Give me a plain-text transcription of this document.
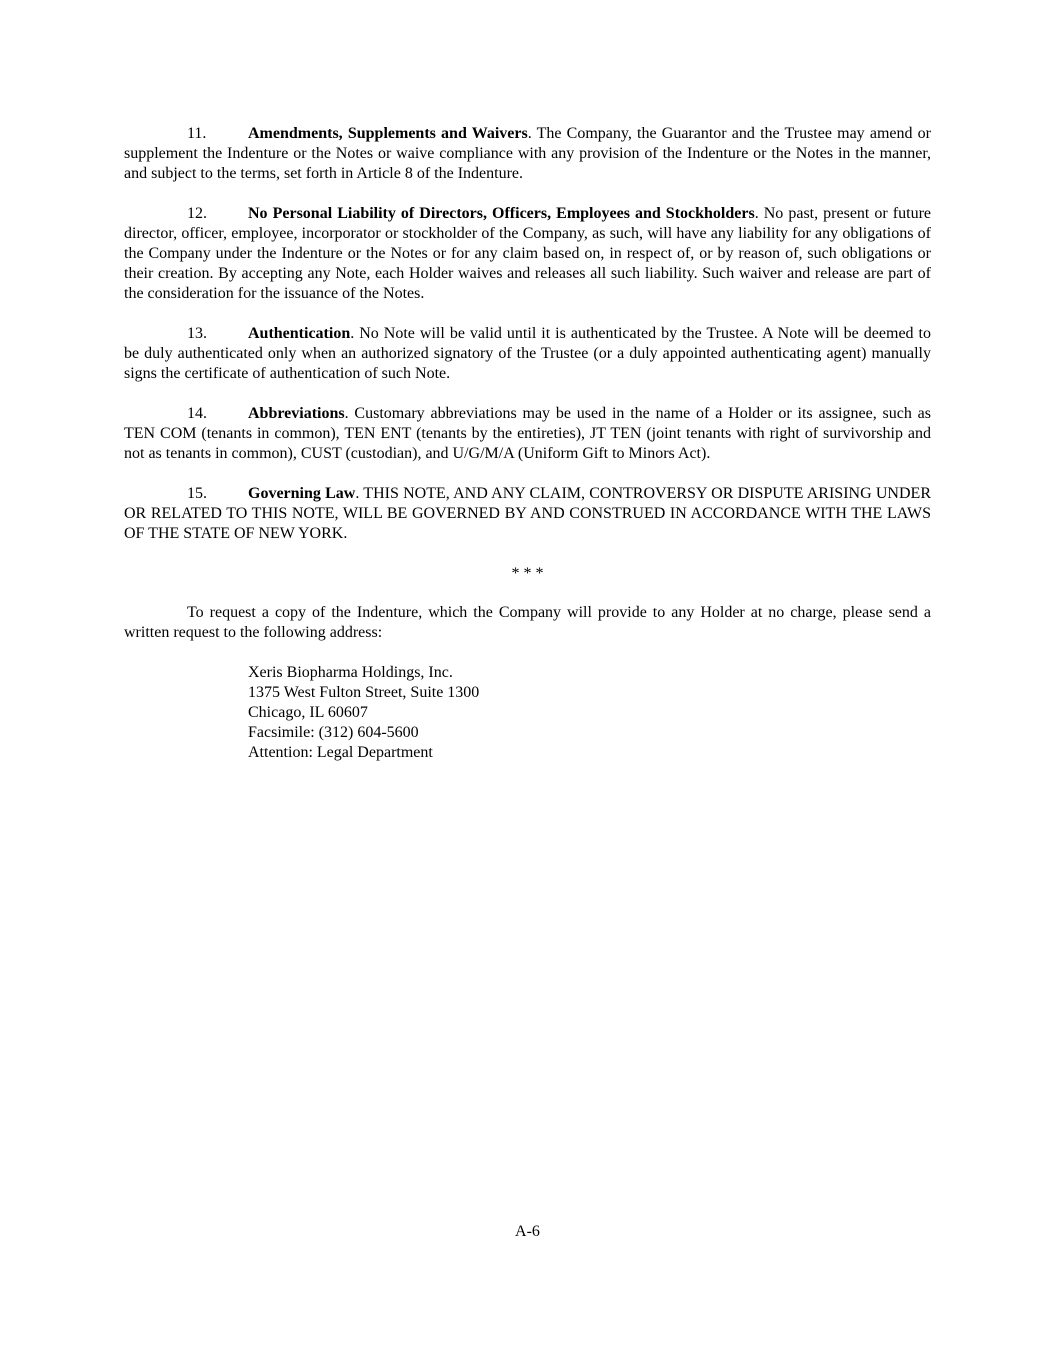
11.	Amendments, Supplements and Waivers. The Company, the Guarantor and the Trustee may amend or supplement the Indenture or the Notes or waive compliance with any provision of the Indenture or the Notes in the manner, and subject to the terms, set forth in Article 8 of the Indenture.

12.	No Personal Liability of Directors, Officers, Employees and Stockholders. No past, present or future director, officer, employee, incorporator or stockholder of the Company, as such, will have any liability for any obligations of the Company under the Indenture or the Notes or for any claim based on, in respect of, or by reason of, such obligations or their creation. By accepting any Note, each Holder waives and releases all such liability. Such waiver and release are part of the consideration for the issuance of the Notes.

13.	Authentication. No Note will be valid until it is authenticated by the Trustee. A Note will be deemed to be duly authenticated only when an authorized signatory of the Trustee (or a duly appointed authenticating agent) manually signs the certificate of authentication of such Note.

14.	Abbreviations. Customary abbreviations may be used in the name of a Holder or its assignee, such as TEN COM (tenants in common), TEN ENT (tenants by the entireties), JT TEN (joint tenants with right of survivorship and not as tenants in common), CUST (custodian), and U/G/M/A (Uniform Gift to Minors Act).

15.	Governing Law. THIS NOTE, AND ANY CLAIM, CONTROVERSY OR DISPUTE ARISING UNDER OR RELATED TO THIS NOTE, WILL BE GOVERNED BY AND CONSTRUED IN ACCORDANCE WITH THE LAWS OF THE STATE OF NEW YORK.

* * *

To request a copy of the Indenture, which the Company will provide to any Holder at no charge, please send a written request to the following address:

Xeris Biopharma Holdings, Inc.
1375 West Fulton Street, Suite 1300
Chicago, IL 60607
Facsimile: (312) 604-5600
Attention: Legal Department
A-6
